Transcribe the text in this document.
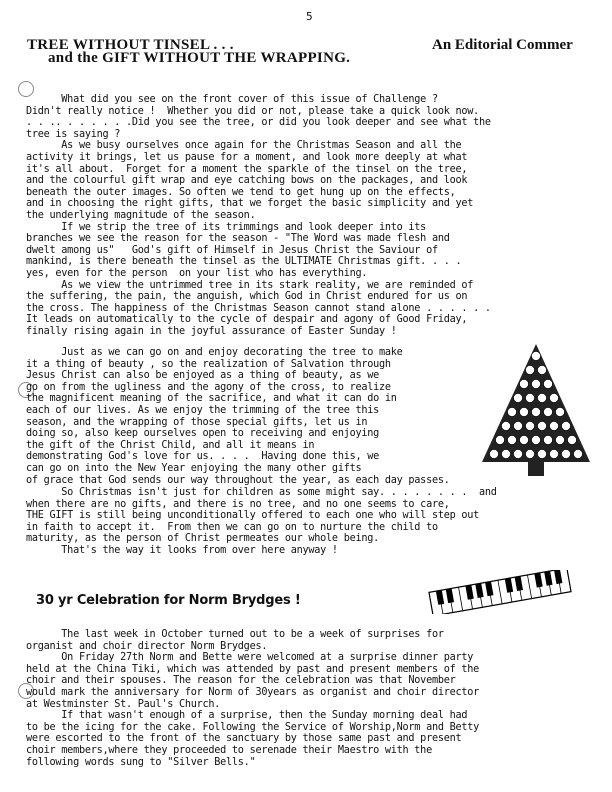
5
TREE WITHOUT TINSEL . . .
and the GIFT WITHOUT THE WRAPPING.
An Editorial Commer
What did you see on the front cover of this issue of Challenge ?
Didn't really notice !  Whether you did or not, please take a quick look now.
. . .. . . . . . .Did you see the tree, or did you look deeper and see what the
tree is saying ?
As we busy ourselves once again for the Christmas Season and all the
activity it brings, let us pause for a moment, and look more deeply at what
it's all about.  Forget for a moment the sparkle of the tinsel on the tree,
and the colourful gift wrap and eye catching bows on the packages, and look
beneath the outer images. So often we tend to get hung up on the effects,
and in choosing the right gifts, that we forget the basic simplicity and yet
the underlying magnitude of the season.
If we strip the tree of its trimmings and look deeper into its
branches we see the reason for the season - "The Word was made flesh and
dwelt among us"   God's gift of Himself in Jesus Christ the Saviour of
mankind, is there beneath the tinsel as the ULTIMATE Christmas gift. . . .
yes, even for the person  on your list who has everything.
As we view the untrimmed tree in its stark reality, we are reminded of
the suffering, the pain, the anguish, which God in Christ endured for us on
the cross. The happiness of the Christmas Season cannot stand alone . . . . . .
It leads on automatically to the cycle of despair and agony of Good Friday,
finally rising again in the joyful assurance of Easter Sunday !
Just as we can go on and enjoy decorating the tree to make
it a thing of beauty , so the realization of Salvation through
Jesus Christ can also be enjoyed as a thing of beauty, as we
go on from the ugliness and the agony of the cross, to realize
the magnificent meaning of the sacrifice, and what it can do in
each of our lives. As we enjoy the trimming of the tree this
season, and the wrapping of those special gifts, let us in
doing so, also keep ourselves open to receiving and enjoying
the gift of the Christ Child, and all it means in
demonstrating God's love for us. . . .  Having done this, we
can go on into the New Year enjoying the many other gifts
of grace that God sends our way throughout the year, as each day passes.
So Christmas isn't just for children as some might say. . . . . . . .  and
when there are no gifts, and there is no tree, and no one seems to care,
THE GIFT is still being unconditionally offered to each one who will step out
in faith to accept it.  From then we can go on to nurture the child to
maturity, as the person of Christ permeates our whole being.
That's the way it looks from over here anyway !
30 yr Celebration for Norm Brydges !
The last week in October turned out to be a week of surprises for
organist and choir director Norm Brydges.
On Friday 27th Norm and Bette were welcomed at a surprise dinner party
held at the China Tiki, which was attended by past and present members of the
choir and their spouses. The reason for the celebration was that November
would mark the anniversary for Norm of 30years as organist and choir director
at Westminster St. Paul's Church.
If that wasn't enough of a surprise, then the Sunday morning deal had
to be the icing for the cake. Following the Service of Worship,Norm and Betty
were escorted to the front of the sanctuary by those same past and present
choir members,where they proceeded to serenade their Maestro with the
following words sung to "Silver Bells."
